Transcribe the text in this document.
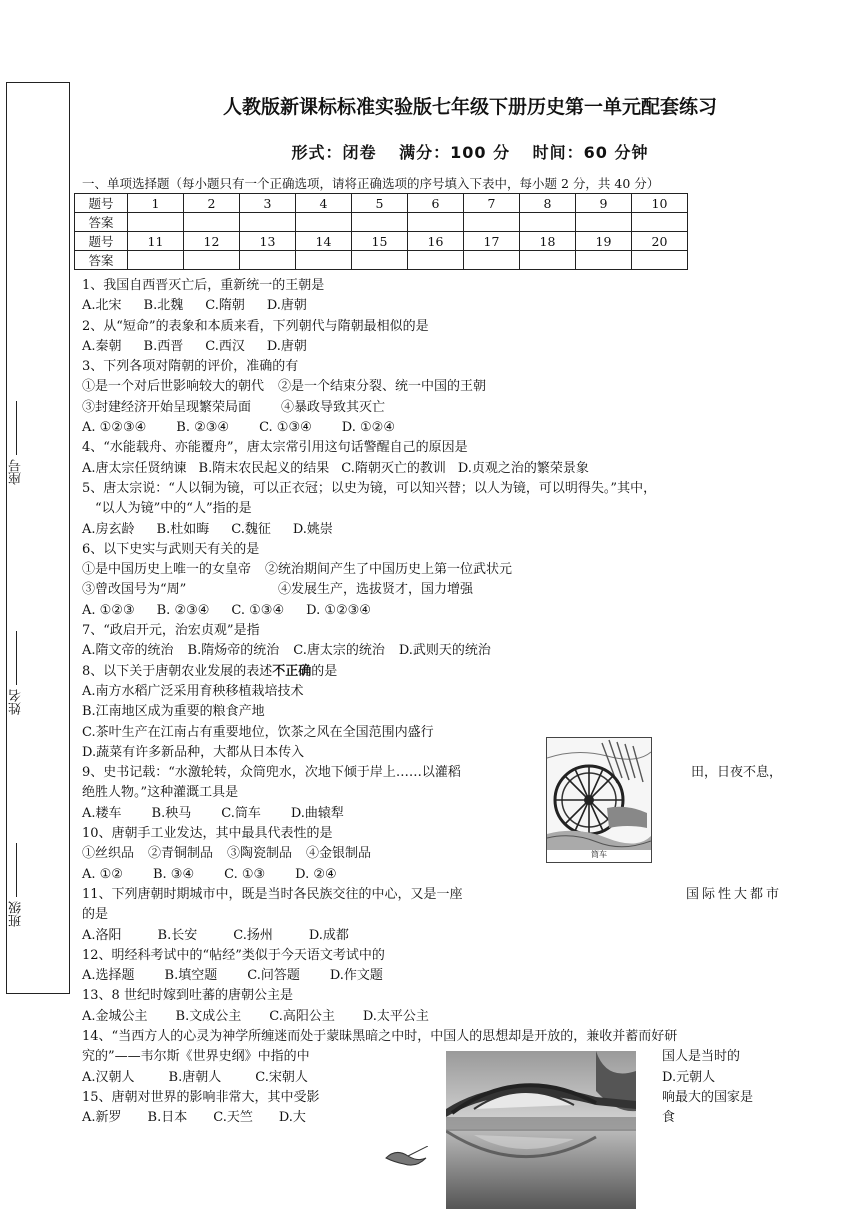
座号
姓名
班级
人教版新课标标准实验版七年级下册历史第一单元配套练习
形式：闭卷 满分：100 分 时间：60 分钟
一、单项选择题（每小题只有一个正确选项，请将正确选项的序号填入下表中，每小题 2 分，共 40 分）
题号	1	2	3	4	5	6	7	8	9	10
答案										
题号	11	12	13	14	15	16	17	18	19	20
答案										
1、我国自西晋灭亡后，重新统一的王朝是
A.北宋 B.北魏 C.隋朝 D.唐朝
2、从“短命”的表象和本质来看，下列朝代与隋朝最相似的是
A.秦朝 B.西晋 C.西汉 D.唐朝
3、下列各项对隋朝的评价，准确的有
①是一个对后世影响较大的朝代 ②是一个结束分裂、统一中国的王朝
③封建经济开始呈现繁荣局面 ④暴政导致其灭亡
A. ①②③④ B. ②③④ C. ①③④ D. ①②④
4、“水能载舟、亦能覆舟”，唐太宗常引用这句话警醒自己的原因是
A.唐太宗任贤纳谏 B.隋末农民起义的结果 C.隋朝灭亡的教训 D.贞观之治的繁荣景象
5、唐太宗说：“人以铜为镜，可以正衣冠；以史为镜，可以知兴替；以人为镜，可以明得失。”其中，
“以人为镜”中的“人”指的是
A.房玄龄 B.杜如晦 C.魏征 D.姚崇
6、以下史实与武则天有关的是
①是中国历史上唯一的女皇帝 ②统治期间产生了中国历史上第一位武状元
③曾改国号为“周”	④发展生产，选拔贤才，国力增强
A. ①②③ B. ②③④ C. ①③④ D. ①②③④
7、“政启开元，治宏贞观”是指
A.隋文帝的统治 B.隋炀帝的统治 C.唐太宗的统治 D.武则天的统治
8、以下关于唐朝农业发展的表述不正确的是
A.南方水稻广泛采用育秧移植栽培技术
B.江南地区成为重要的粮食产地
C.茶叶生产在江南占有重要地位，饮茶之风在全国范围内盛行
D.蔬菜有许多新品种，大都从日本传入
9、史书记载：“水激轮转，众筒兜水，次地下倾于岸上……以灌稻	田，日夜不息，
绝胜人物。”这种灌溉工具是
A.耧车 B.秧马 C.筒车 D.曲辕犁
10、唐朝手工业发达，其中最具代表性的是
①丝织品 ②青铜制品 ③陶瓷制品 ④金银制品
A. ①② B. ③④ C. ①③ D. ②④
11、下列唐朝时期城市中，既是当时各民族交往的中心，又是一座	国际性大都市
的是
A.洛阳	B.长安	C.扬州	D.成都
12、明经科考试中的“帖经”类似于今天语文考试中的
A.选择题 B.填空题 C.问答题 D.作文题
13、8 世纪时嫁到吐蕃的唐朝公主是
A.金城公主 B.文成公主 C.高阳公主 D.太平公主
14、“当西方人的心灵为神学所缠迷而处于蒙昧黑暗之中时，中国人的思想却是开放的，兼收并蓄而好研
究的”——韦尔斯《世界史纲》中指的中	国人是当时的
A.汉朝人	B.唐朝人	C.宋朝人	D.元朝人
15、唐朝对世界的影响非常大，其中受影	响最大的国家是
A.新罗 B.日本 C.天竺 D.大	食
筒车
